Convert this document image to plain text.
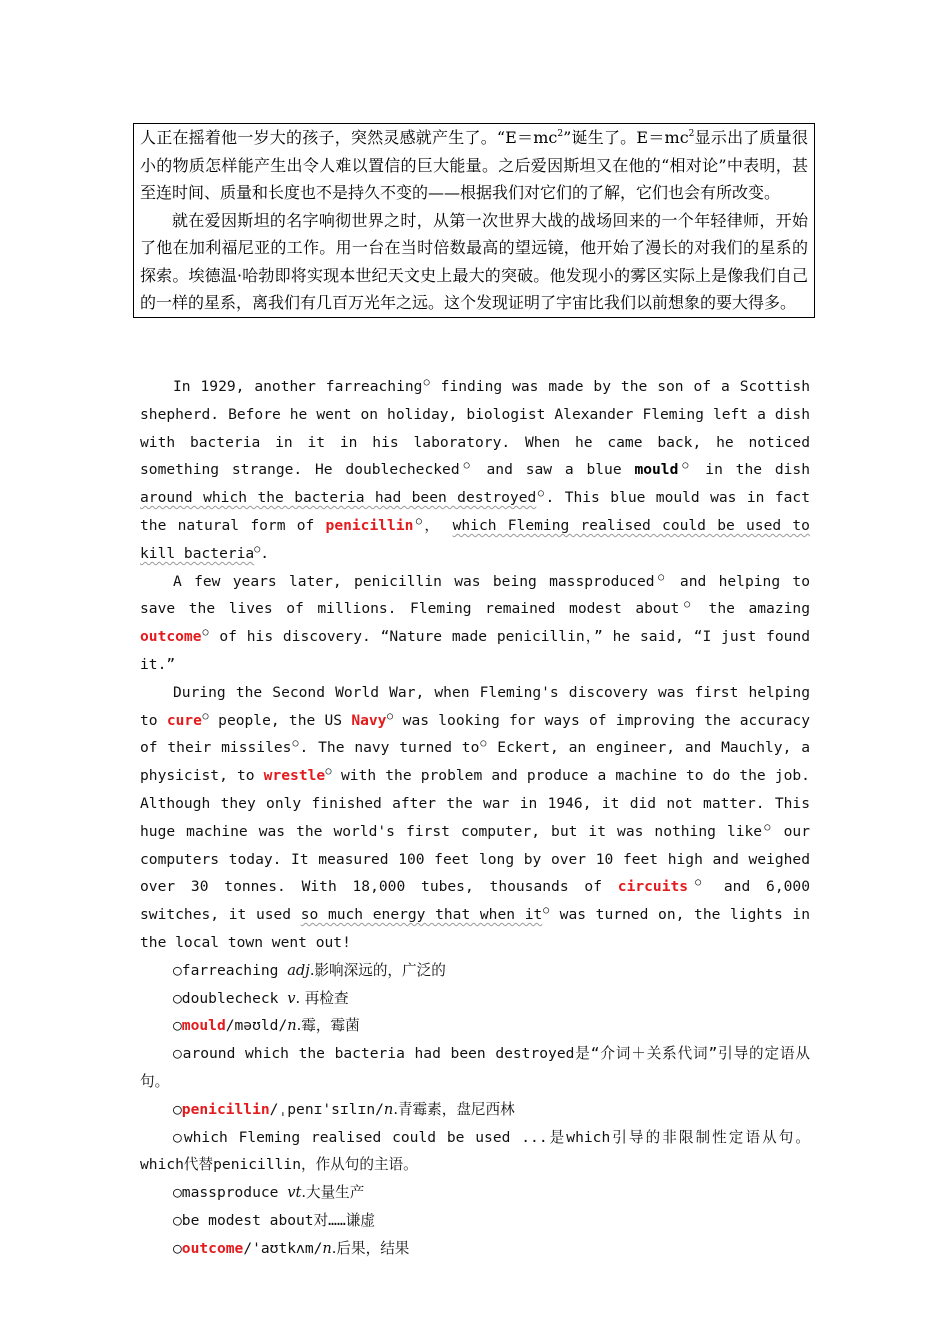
人正在摇着他一岁大的孩子，突然灵感就产生了。“$E=mc^2$”诞生了。$E=mc^2$显示出了质量很小的物质怎样能产生出令人难以置信的巨大能量。之后爱因斯坦又在他的“相对论”中表明，甚至连时间、质量和长度也不是持久不变的——根据我们对它们的了解，它们也会有所改变。

就在爱因斯坦的名字响彻世界之时，从第一次世界大战的战场回来的一个年轻律师，开始了他在加利福尼亚的工作。用一台在当时倍数最高的望远镜，他开始了漫长的对我们的星系的探索。埃德温·哈勃即将实现本世纪天文史上最大的突破。他发现小的雾区实际上是像我们自己的一样的星系，离我们有几百万光年之远。这个发现证明了宇宙比我们以前想象的要大得多。

In 1929, another farreaching○ finding was made by the son of a Scottish shepherd. Before he went on holiday, biologist Alexander Fleming left a dish with bacteria in it in his laboratory. When he came back, he noticed something strange. He doublechecked○ and saw a blue mould○ in the dish around which the bacteria had been destroyed○. This blue mould was in fact the natural form of penicillin○， which Fleming realised could be used to kill bacteria○.

A few years later, penicillin was being massproduced○ and helping to save the lives of millions. Fleming remained modest about○ the amazing outcome○ of his discovery. “Nature made penicillin，” he said, “I just found it.”

During the Second World War, when Fleming's discovery was first helping to cure○ people, the US Navy○ was looking for ways of improving the accuracy of their missiles○. The navy turned to○ Eckert, an engineer, and Mauchly, a physicist, to wrestle○ with the problem and produce a machine to do the job. Although they only finished after the war in 1946, it did not matter. This huge machine was the world's first computer, but it was nothing like○ our computers today. It measured 100 feet long by over 10 feet high and weighed over 30 tonnes. With 18,000 tubes, thousands of circuits○ and 6,000 switches, it used so much energy that when it○ was turned on, the lights in the local town went out!

○farreaching adj.影响深远的，广泛的

○doublecheck v. 再检查

○mould/məʊld/n.霉，霉菌

○around which the bacteria had been destroyed是“介词＋关系代词”引导的定语从句。

○penicillin/ˌpenɪ'sɪlɪn/n.青霉素，盘尼西林

○which Fleming realised could be used ...是which引导的非限制性定语从句。which代替penicillin，作从句的主语。

○massproduce vt.大量生产

○be modest about对……谦虚

○outcome/'aʊtkʌm/n.后果，结果
